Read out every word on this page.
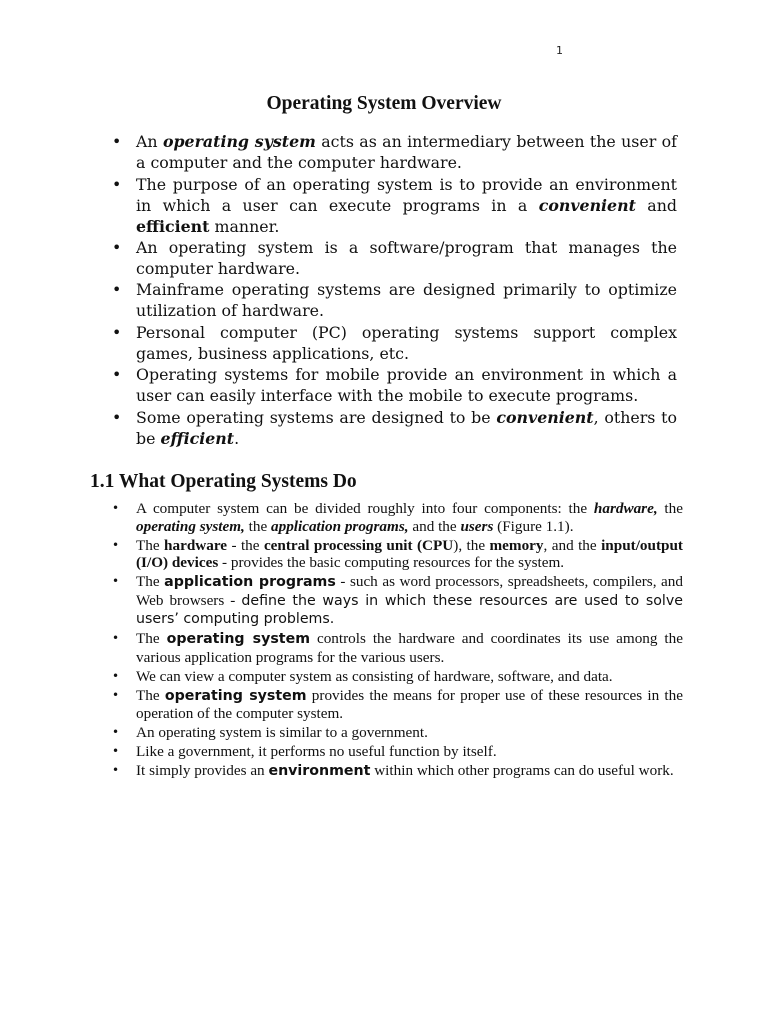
1
Operating System Overview
• An operating system acts as an intermediary between the user of a computer and the computer hardware.
• The purpose of an operating system is to provide an environment in which a user can execute programs in a convenient and efficient manner.
• An operating system is a software/program that manages the computer hardware.
• Mainframe operating systems are designed primarily to optimize utilization of hardware.
• Personal computer (PC) operating systems support complex games, business applications, etc.
• Operating systems for mobile provide an environment in which a user can easily interface with the mobile to execute programs.
• Some operating systems are designed to be convenient, others to be efficient.
1.1 What Operating Systems Do
• A computer system can be divided roughly into four components: the hardware, the operating system, the application programs, and the users (Figure 1.1).
• The hardware - the central processing unit (CPU), the memory, and the input/output (I/O) devices - provides the basic computing resources for the system.
• The application programs - such as word processors, spreadsheets, compilers, and Web browsers - define the ways in which these resources are used to solve users’ computing problems.
• The operating system controls the hardware and coordinates its use among the various application programs for the various users.
• We can view a computer system as consisting of hardware, software, and data.
• The operating system provides the means for proper use of these resources in the operation of the computer system.
• An operating system is similar to a government.
• Like a government, it performs no useful function by itself.
• It simply provides an environment within which other programs can do useful work.
